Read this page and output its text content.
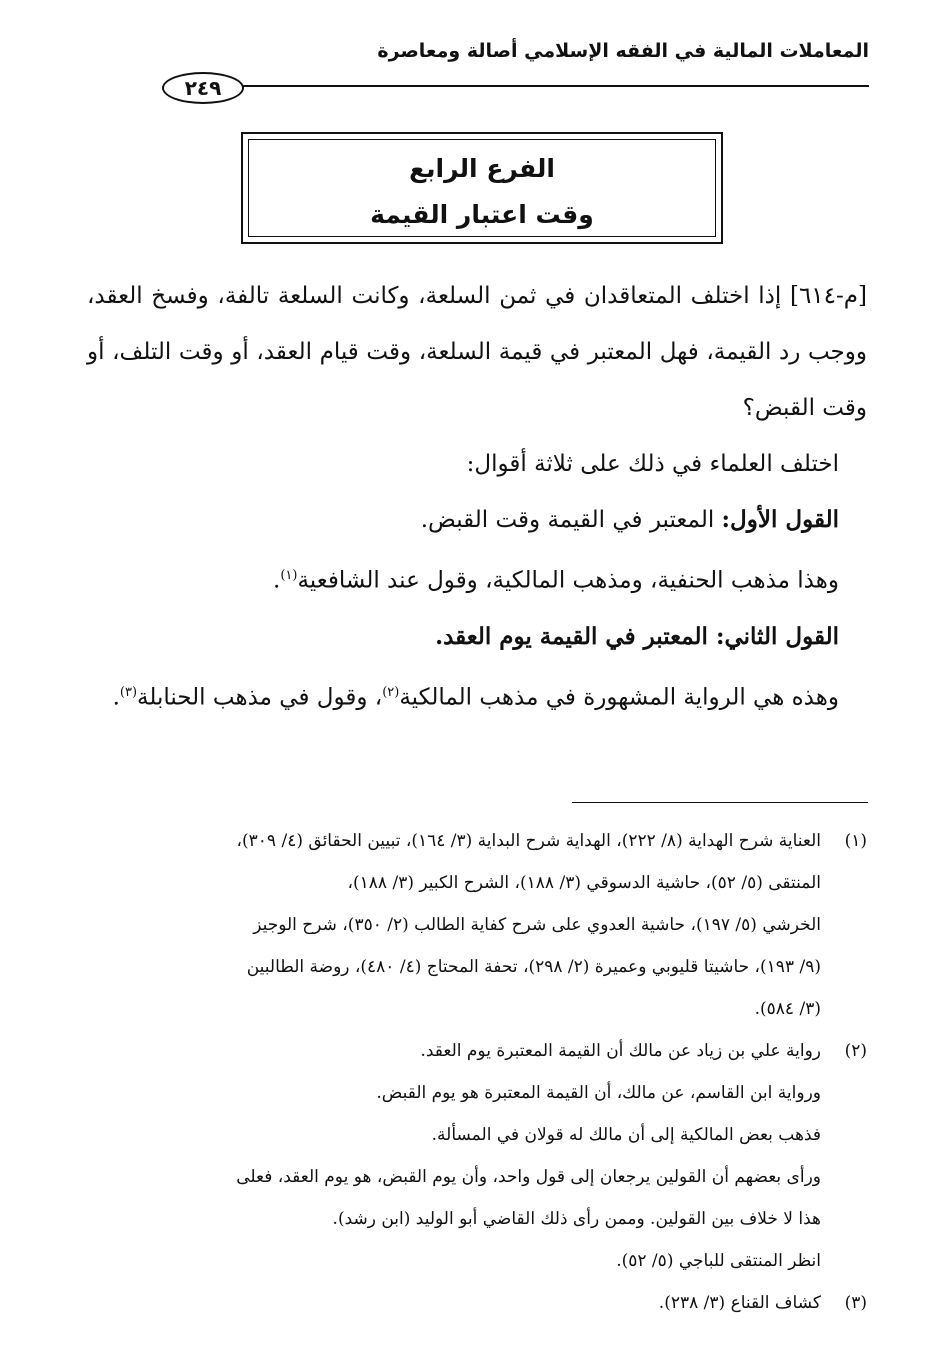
المعاملات المالية في الفقه الإسلامي أصالة ومعاصرة
٢٤٩
الفرع الرابع
وقت اعتبار القيمة

[م-٦١٤] إذا اختلف المتعاقدان في ثمن السلعة، وكانت السلعة تالفة، وفسخ العقد، ووجب رد القيمة، فهل المعتبر في قيمة السلعة، وقت قيام العقد، أو وقت التلف، أو وقت القبض؟

اختلف العلماء في ذلك على ثلاثة أقوال:

القول الأول: المعتبر في القيمة وقت القبض.

وهذا مذهب الحنفية، ومذهب المالكية، وقول عند الشافعية$^{(١)}$.

القول الثاني: المعتبر في القيمة يوم العقد.

وهذه هي الرواية المشهورة في مذهب المالكية$^{(٢)}$، وقول في مذهب الحنابلة$^{(٣)}$.

(١)
العناية شرح الهداية (٨/ ٢٢٢)، الهداية شرح البداية (٣/ ١٦٤)، تبيين الحقائق (٤/ ٣٠٩)،
المنتقى (٥/ ٥٢)، حاشية الدسوقي (٣/ ١٨٨)، الشرح الكبير (٣/ ١٨٨)،
الخرشي (٥/ ١٩٧)، حاشية العدوي على شرح كفاية الطالب (٢/ ٣٥٠)، شرح الوجيز
(٩/ ١٩٣)، حاشيتا قليوبي وعميرة (٢/ ٢٩٨)، تحفة المحتاج (٤/ ٤٨٠)، روضة الطالبين
(٣/ ٥٨٤).
(٢)
رواية علي بن زياد عن مالك أن القيمة المعتبرة يوم العقد.
ورواية ابن القاسم، عن مالك، أن القيمة المعتبرة هو يوم القبض.
فذهب بعض المالكية إلى أن مالك له قولان في المسألة.
ورأى بعضهم أن القولين يرجعان إلى قول واحد، وأن يوم القبض، هو يوم العقد، فعلى
هذا لا خلاف بين القولين. وممن رأى ذلك القاضي أبو الوليد (ابن رشد).
انظر المنتقى للباجي (٥/ ٥٢).
(٣)
كشاف القناع (٣/ ٢٣٨).
